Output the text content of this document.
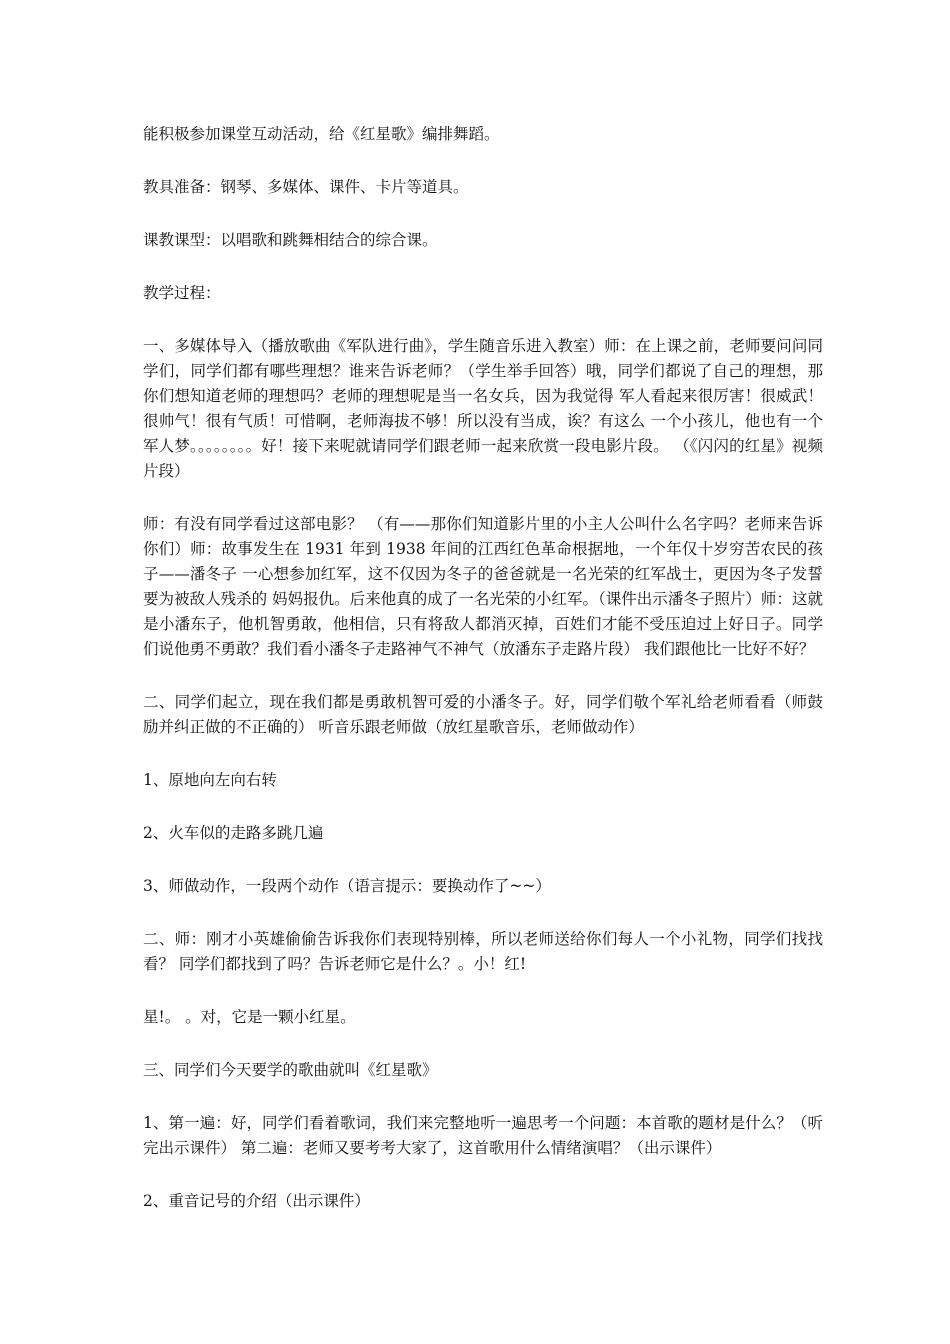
能积极参加课堂互动活动，给《红星歌》编排舞蹈。

教具准备：钢琴、多媒体、课件、卡片等道具。

课教课型：以唱歌和跳舞相结合的综合课。

教学过程：

一、多媒体导入（播放歌曲《军队进行曲》，学生随音乐进入教室）师：在上课之前，老师要问问同学们，同学们都有哪些理想？谁来告诉老师？（学生举手回答）哦，同学们都说了自己的理想，那你们想知道老师的理想吗？老师的理想呢是当一名女兵，因为我觉得 军人看起来很厉害！很威武！很帅气！很有气质！可惜啊，老师海拔不够！所以没有当成，诶？有这么 一个小孩儿，他也有一个军人梦。。。。。。。。好！接下来呢就请同学们跟老师一起来欣赏一段电影片段。 （《闪闪的红星》视频片段）

师：有没有同学看过这部电影？ （有——那你们知道影片里的小主人公叫什么名字吗？老师来告诉你们）师：故事发生在 1931 年到 1938 年间的江西红色革命根据地，一个年仅十岁穷苦农民的孩子——潘冬子 一心想参加红军，这不仅因为冬子的爸爸就是一名光荣的红军战士，更因为冬子发誓要为被敌人残杀的 妈妈报仇。后来他真的成了一名光荣的小红军。（课件出示潘冬子照片）师：这就是小潘东子，他机智勇敢，他相信，只有将敌人都消灭掉，百姓们才能不受压迫过上好日子。同学们说他勇不勇敢？我们看小潘冬子走路神气不神气（放潘东子走路片段） 我们跟他比一比好不好？

二、同学们起立，现在我们都是勇敢机智可爱的小潘冬子。好，同学们敬个军礼给老师看看（师鼓励并纠正做的不正确的） 听音乐跟老师做（放红星歌音乐，老师做动作）

1、原地向左向右转

2、火车似的走路多跳几遍

3、师做动作，一段两个动作（语言提示：要换动作了~~）

二、师：刚才小英雄偷偷告诉我你们表现特别棒，所以老师送给你们每人一个小礼物，同学们找找看？ 同学们都找到了吗？告诉老师它是什么？。小！红!

星!。 。对，它是一颗小红星。

三、同学们今天要学的歌曲就叫《红星歌》

1、第一遍：好，同学们看着歌词，我们来完整地听一遍思考一个问题：本首歌的题材是什么？（听完出示课件） 第二遍：老师又要考考大家了，这首歌用什么情绪演唱？（出示课件）

2、重音记号的介绍（出示课件）
